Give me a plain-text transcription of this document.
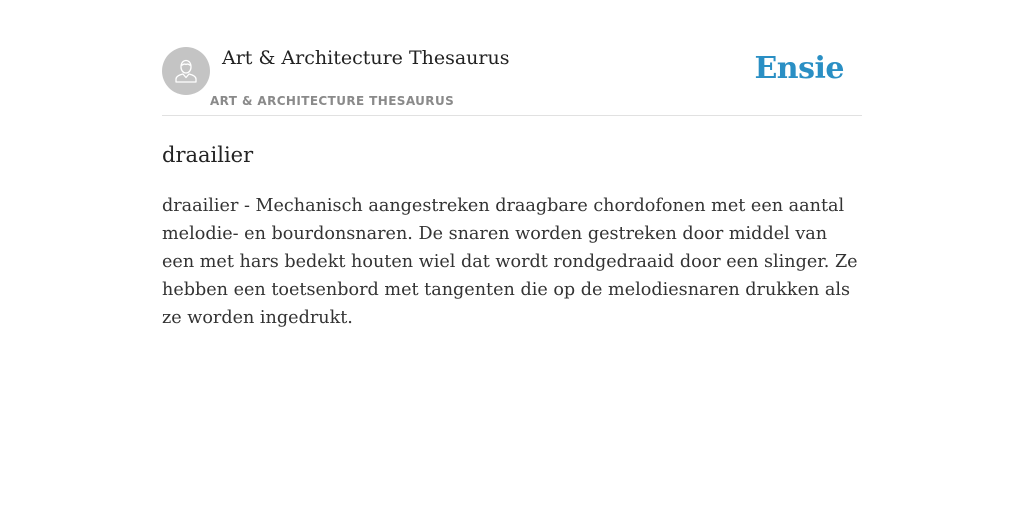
Art & Architecture Thesaurus
ART & ARCHITECTURE THESAURUS
Ensie
draailier

draailier - Mechanisch aangestreken draagbare chordofonen met een aantal melodie- en bourdonsnaren. De snaren worden gestreken door middel van een met hars bedekt houten wiel dat wordt rondgedraaid door een slinger. Ze hebben een toetsenbord met tangenten die op de melodiesnaren drukken als ze worden ingedrukt.
